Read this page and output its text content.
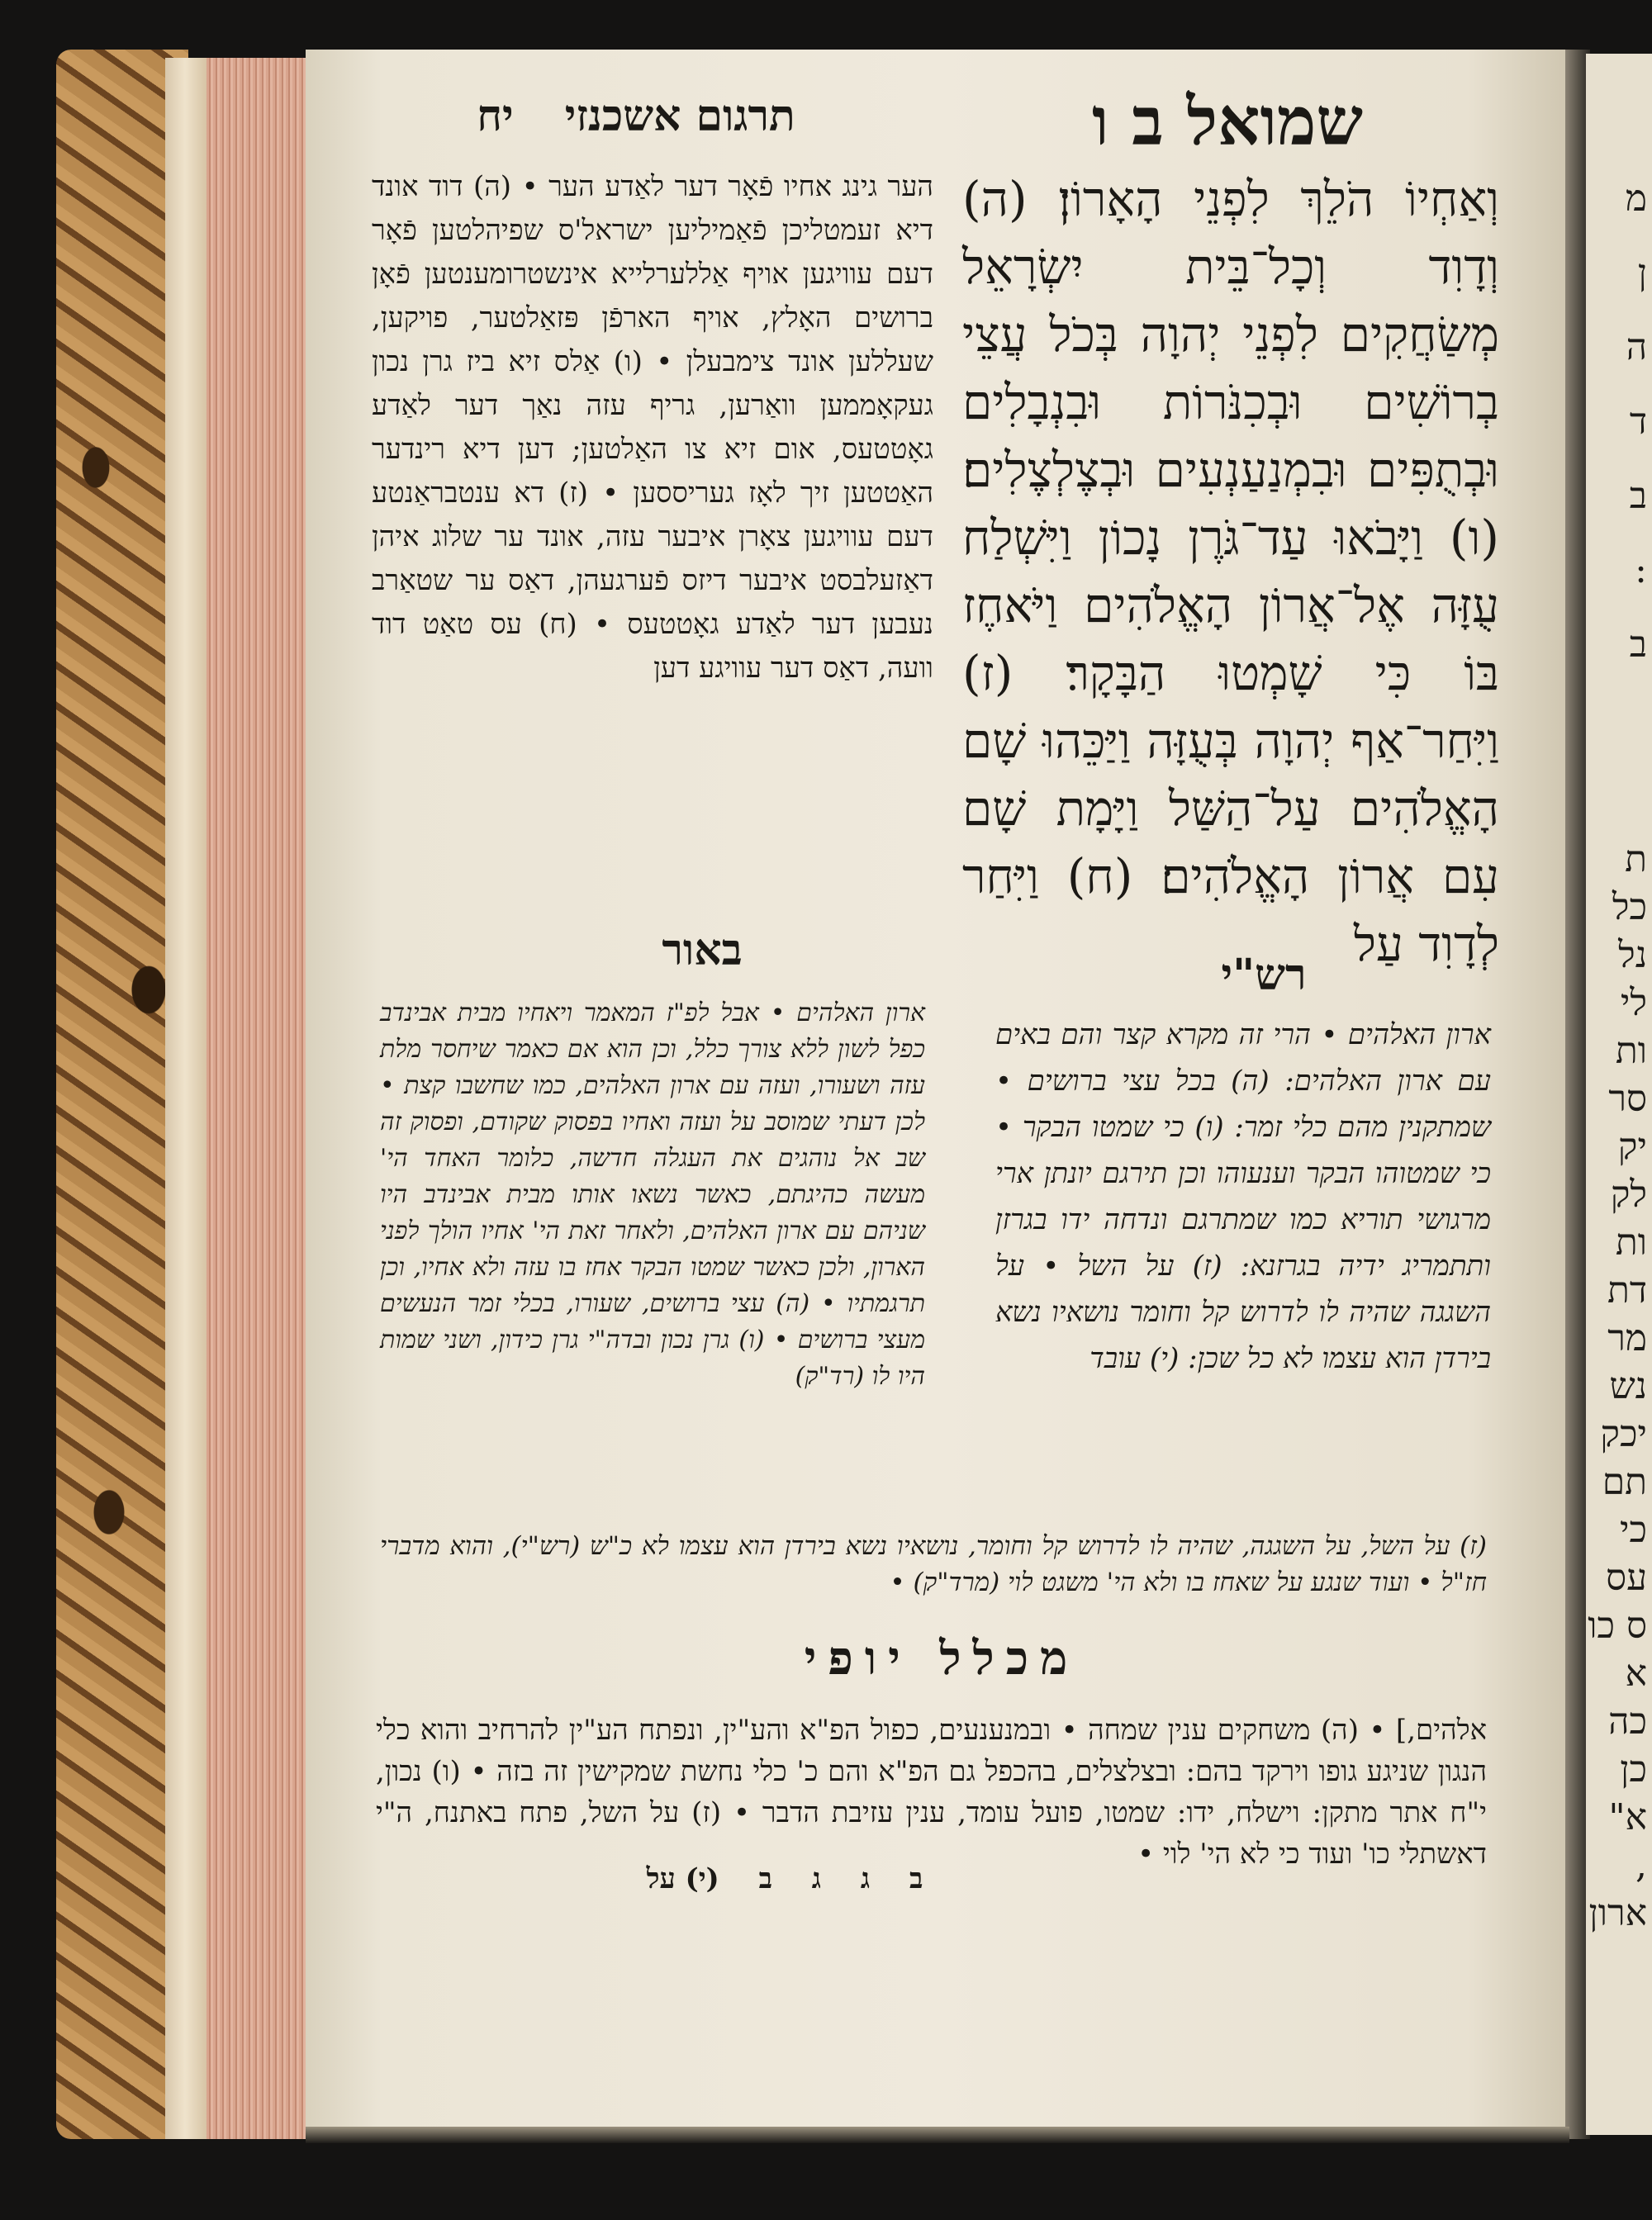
מ
ן
ה
ד
ב
:
ב
ת
כל
נל
לי
ות
סר
יק
לק
ות
דת
מר
נש
יכק
תם
כי
עס
ס כו
א
כה
כן
"א
,
ארון
שמואל ב ו
תרגום אשכנזי יח
וְאַחְיוֹ הֹלֵךְ לִפְנֵי הָאָרוֹן׃ (ה) וְדָוִד וְכָל־בֵּית יִשְׂרָאֵל מְשַׂחֲקִים לִפְנֵי יְהוָה בְּכֹל עֲצֵי בְרוֹשִׁים וּבְכִנֹּרוֹת וּבִנְבָלִים וּבְתֻפִּים וּבִמְנַעַנְעִים וּבְצֶלְצֶלִים׃ (ו) וַיָּבֹאוּ עַד־גֹּרֶן נָכוֹן וַיִּשְׁלַח עֻזָּה אֶל־אֲרוֹן הָאֱלֹהִים וַיֹּאחֶז בּוֹ כִּי שָׁמְטוּ הַבָּקָר׃ (ז) וַיִּחַר־אַף יְהוָה בְּעֻזָּה וַיַּכֵּהוּ שָׁם הָאֱלֹהִים עַל־הַשַּׁל וַיָּמָת שָׁם עִם אֲרוֹן הָאֱלֹהִים׃ (ח) וַיִּחַר לְדָוִד עַל
הער גינג אחיו פֿאָר דער לאַדע הער • (ה) דוד אונד דיא זעמטליכן פֿאַמיליען ישראל'ס שפיהלטען פֿאָר דעם עוויגען אויף אַללערלייא אינשטרומענטען פֿאָן ברושים האָלץ, אויף הארפֿן פּזאַלטער, פויקען, שעללען אונד צימבעלן • (ו) אַלס זיא ביז גרן נכון געקאָממען וואַרען, גריף עזה נאַך דער לאַדע גאָטטעס, אום זיא צו האַלטען; דען דיא רינדער האַטטען זיך לאָז געריססען • (ז) דא ענטבראַנטע דעם עוויגען צאָרן איבער עזה, אונד ער שלוג איהן דאַזעלבסט איבער דיזס פֿערגעהן, דאַס ער שטאַרב נעבען דער לאַדע גאָטטעס • (ח) עס טאַט דוד וועה, דאַס דער עוויגע דען
באור	רש"י
ארון האלהים • אבל לפ"ז המאמר ויאחיו מבית אבינדב כפל לשון ללא צורך כלל, וכן הוא אם כאמר שיחסר מלת עזה ושעורו, ועזה עם ארון האלהים, כמו שחשבו קצת • לכן דעתי שמוסב על ועזה ואחיו בפסוק שקודם, ופסוק זה שב אל נוהגים את העגלה חדשה, כלומר האחד הי' מעשה כהיגתם, כאשר נשאו אותו מבית אבינדב היו שניהם עם ארון האלהים, ולאחר זאת הי' אחיו הולך לפני הארון, ולכן כאשר שמטו הבקר אחז בו עזה ולא אחיו, וכן תרגמתיו • (ה) עצי ברושים, שעורו, בכלי זמר הנעשים מעצי ברושים • (ו) גרן נכון ובדה"י גרן כידון, ושני שמות היו לו (רד"ק)
ארון האלהים • הרי זה מקרא קצר והם באים עם ארון האלהים: (ה) בכל עצי ברושים • שמתקנין מהם כלי זמר: (ו) כי שמטו הבקר • כי שמטוהו הבקר וענעוהו וכן תירגם יונתן ארי מרגושי תוריא כמו שמתרגם ונדחה ידו בגרזן ותתמריג ידיה בגרזנא: (ז) על השל • על השגגה שהיה לו לדרוש קל וחומר נושאיו נשא בירדן הוא עצמו לא כל שכן: (י) עובד
(ז) על השל, על השגגה, שהיה לו לדרוש קל וחומר, נושאיו נשא בירדן הוא עצמו לא כ"ש (רש"י), והוא מדברי חז"ל • ועוד שנגע על שאחז בו ולא הי' משגט לוי (מרד"ק) •
מכלל יופי
אלהים,] • (ה) משחקים ענין שמחה • ובמנענעים, כפול הפ"א והע"ין, ונפתח הע"ין להרחיב והוא כלי הנגון שניגע גופו וירקד בהם: ובצלצלים, בהכפל גם הפ"א והם כ' כלי נחשת שמקישין זה בזה • (ו) נכון, י"ח אתר מתקן: וישלח, ידו: שמטו, פועל עומד, ענין עזיבת הדבר • (ז) על השל, פתח באתנח, ה"י דאשתלי כו' ועוד כי לא הי' לוי •
ב ג ג ב (י) על
